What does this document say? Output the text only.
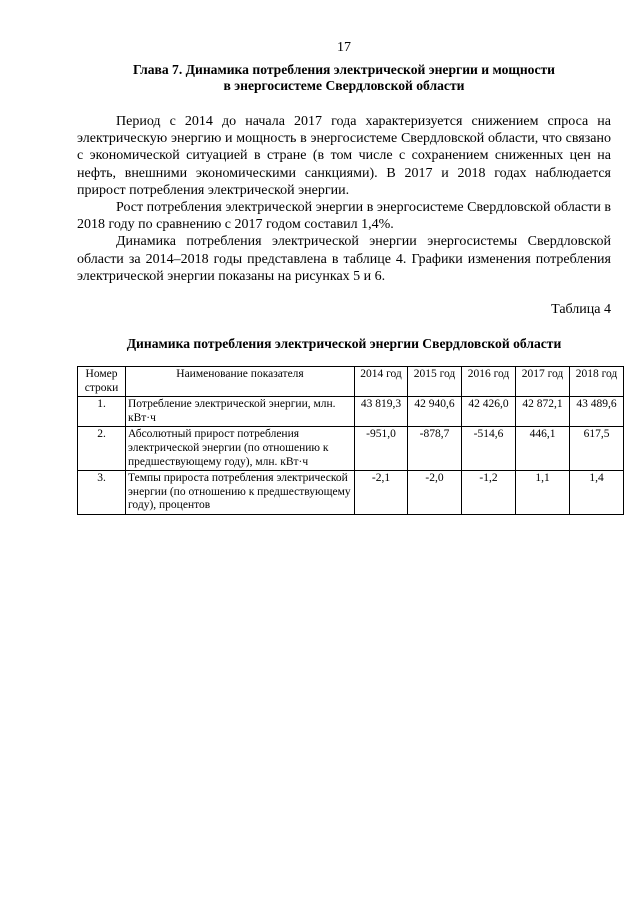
17
Глава 7. Динамика потребления электрической энергии и мощности
в энергосистеме Свердловской области

Период с 2014 до начала 2017 года характеризуется снижением спроса на электрическую энергию и мощность в энергосистеме Свердловской области, что связано с экономической ситуацией в стране (в том числе с сохранением сниженных цен на нефть, внешними экономическими санкциями). В 2017 и 2018 годах наблюдается прирост потребления электрической энергии.

Рост потребления электрической энергии в энергосистеме Свердловской области в 2018 году по сравнению с 2017 годом составил 1,4%.

Динамика потребления электрической энергии энергосистемы Свердловской области за 2014–2018 годы представлена в таблице 4. Графики изменения потребления электрической энергии показаны на рисунках 5 и 6.

Таблица 4
Динамика потребления электрической энергии Свердловской области
Номер строки	Наименование показателя	2014 год	2015 год	2016 год	2017 год	2018 год
1.	Потребление электрической энергии, млн. кВт·ч	43 819,3	42 940,6	42 426,0	42 872,1	43 489,6
2.	Абсолютный прирост потребления электрической энергии (по отношению к предшествующему году), млн. кВт·ч	-951,0	-878,7	-514,6	446,1	617,5
3.	Темпы прироста потребления электрической энергии (по отношению к предшествующему году), процентов	-2,1	-2,0	-1,2	1,1	1,4
